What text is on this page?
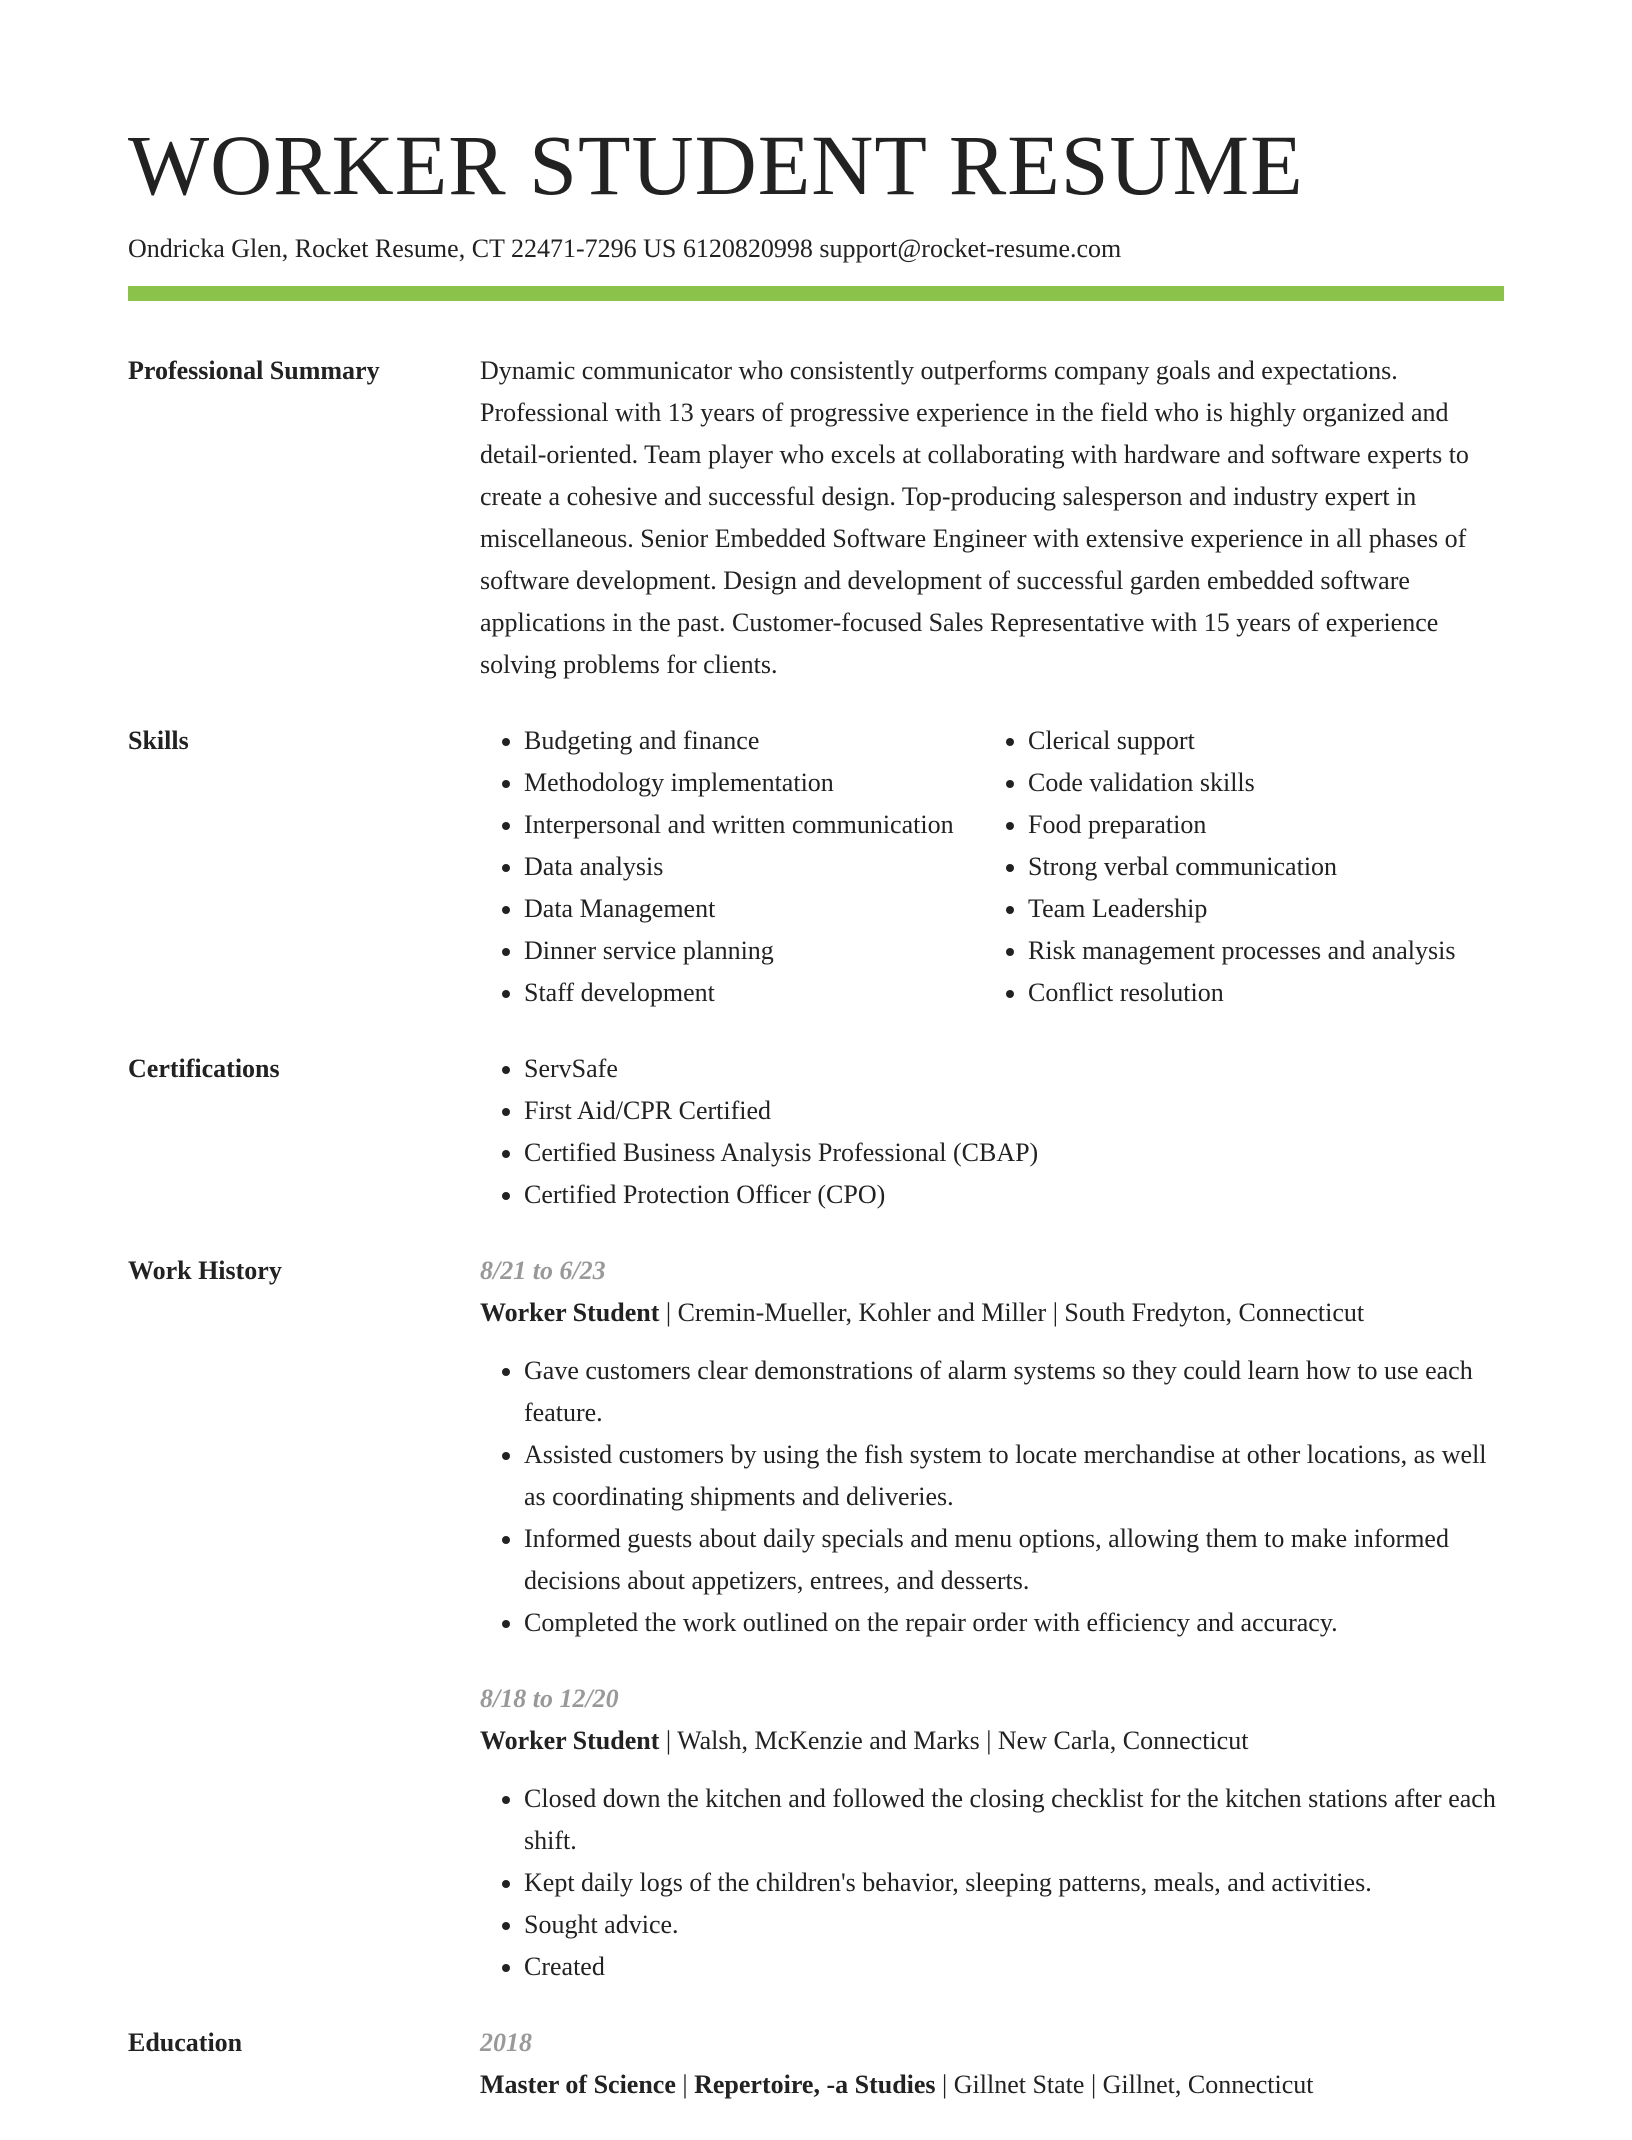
WORKER STUDENT RESUME
Ondricka Glen, Rocket Resume, CT 22471-7296 US 6120820998 support@rocket-resume.com
Professional Summary	Dynamic communicator who consistently outperforms company goals and expectations. Professional with 13 years of progressive experience in the field who is highly organized and detail-oriented. Team player who excels at collaborating with hardware and software experts to create a cohesive and successful design. Top-producing salesperson and industry expert in miscellaneous. Senior Embedded Software Engineer with extensive experience in all phases of software development. Design and development of successful garden embedded software applications in the past. Customer-focused Sales Representative with 15 years of experience solving problems for clients.

Skills	• Budgeting and finance
• Methodology implementation
• Interpersonal and written communication
• Data analysis
• Data Management
• Dinner service planning
• Staff development
• Clerical support
• Code validation skills
• Food preparation
• Strong verbal communication
• Team Leadership
• Risk management processes and analysis
• Conflict resolution
Certifications	• ServSafe
• First Aid/CPR Certified
• Certified Business Analysis Professional (CBAP)
• Certified Protection Officer (CPO)
Work History	8/21 to 6/23
Worker Student | Cremin-Mueller, Kohler and Miller | South Fredyton, Connecticut
• Gave customers clear demonstrations of alarm systems so they could learn how to use each feature.
• Assisted customers by using the fish system to locate merchandise at other locations, as well as coordinating shipments and deliveries.
• Informed guests about daily specials and menu options, allowing them to make informed decisions about appetizers, entrees, and desserts.
• Completed the work outlined on the repair order with efficiency and accuracy.
8/18 to 12/20
Worker Student | Walsh, McKenzie and Marks | New Carla, Connecticut
• Closed down the kitchen and followed the closing checklist for the kitchen stations after each shift.
• Kept daily logs of the children's behavior, sleeping patterns, meals, and activities.
• Sought advice.
• Created
Education	2018
Master of Science | Repertoire, -a Studies | Gillnet State | Gillnet, Connecticut
